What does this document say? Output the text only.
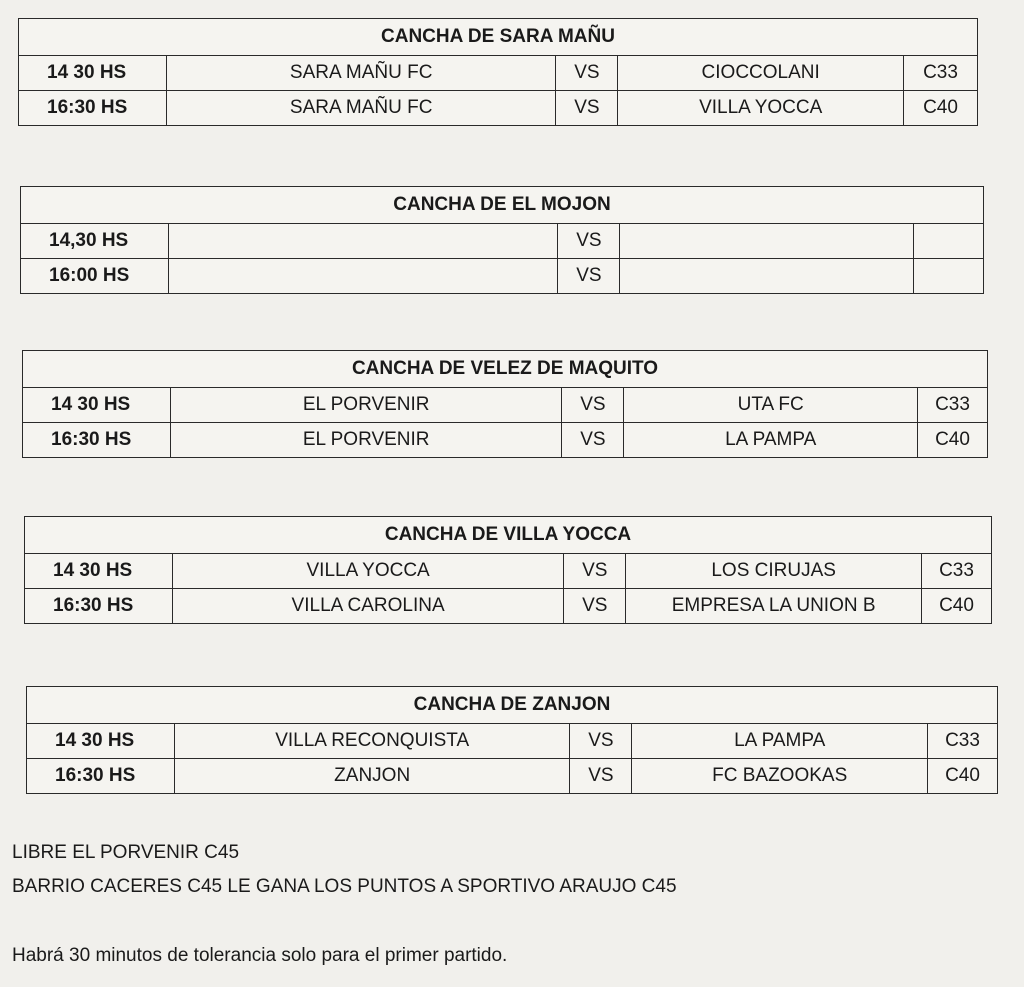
CANCHA DE SARA MAÑU				
14 30 HS	SARA MAÑU FC	VS	CIOCCOLANI	C33
16:30 HS	SARA MAÑU FC	VS	VILLA YOCCA	C40
CANCHA DE EL MOJON				
14,30 HS		VS		
16:00 HS		VS		
CANCHA DE VELEZ DE MAQUITO				
14 30 HS	EL PORVENIR	VS	UTA FC	C33
16:30 HS	EL PORVENIR	VS	LA PAMPA	C40
CANCHA DE VILLA YOCCA				
14 30 HS	VILLA YOCCA	VS	LOS CIRUJAS	C33
16:30 HS	VILLA CAROLINA	VS	EMPRESA LA UNION B	C40
CANCHA DE ZANJON				
14 30 HS	VILLA RECONQUISTA	VS	LA PAMPA	C33
16:30 HS	ZANJON	VS	FC BAZOOKAS	C40
LIBRE EL PORVENIR C45
BARRIO CACERES C45 LE GANA LOS PUNTOS A SPORTIVO ARAUJO C45
Habrá 30 minutos de tolerancia solo para el primer partido.
